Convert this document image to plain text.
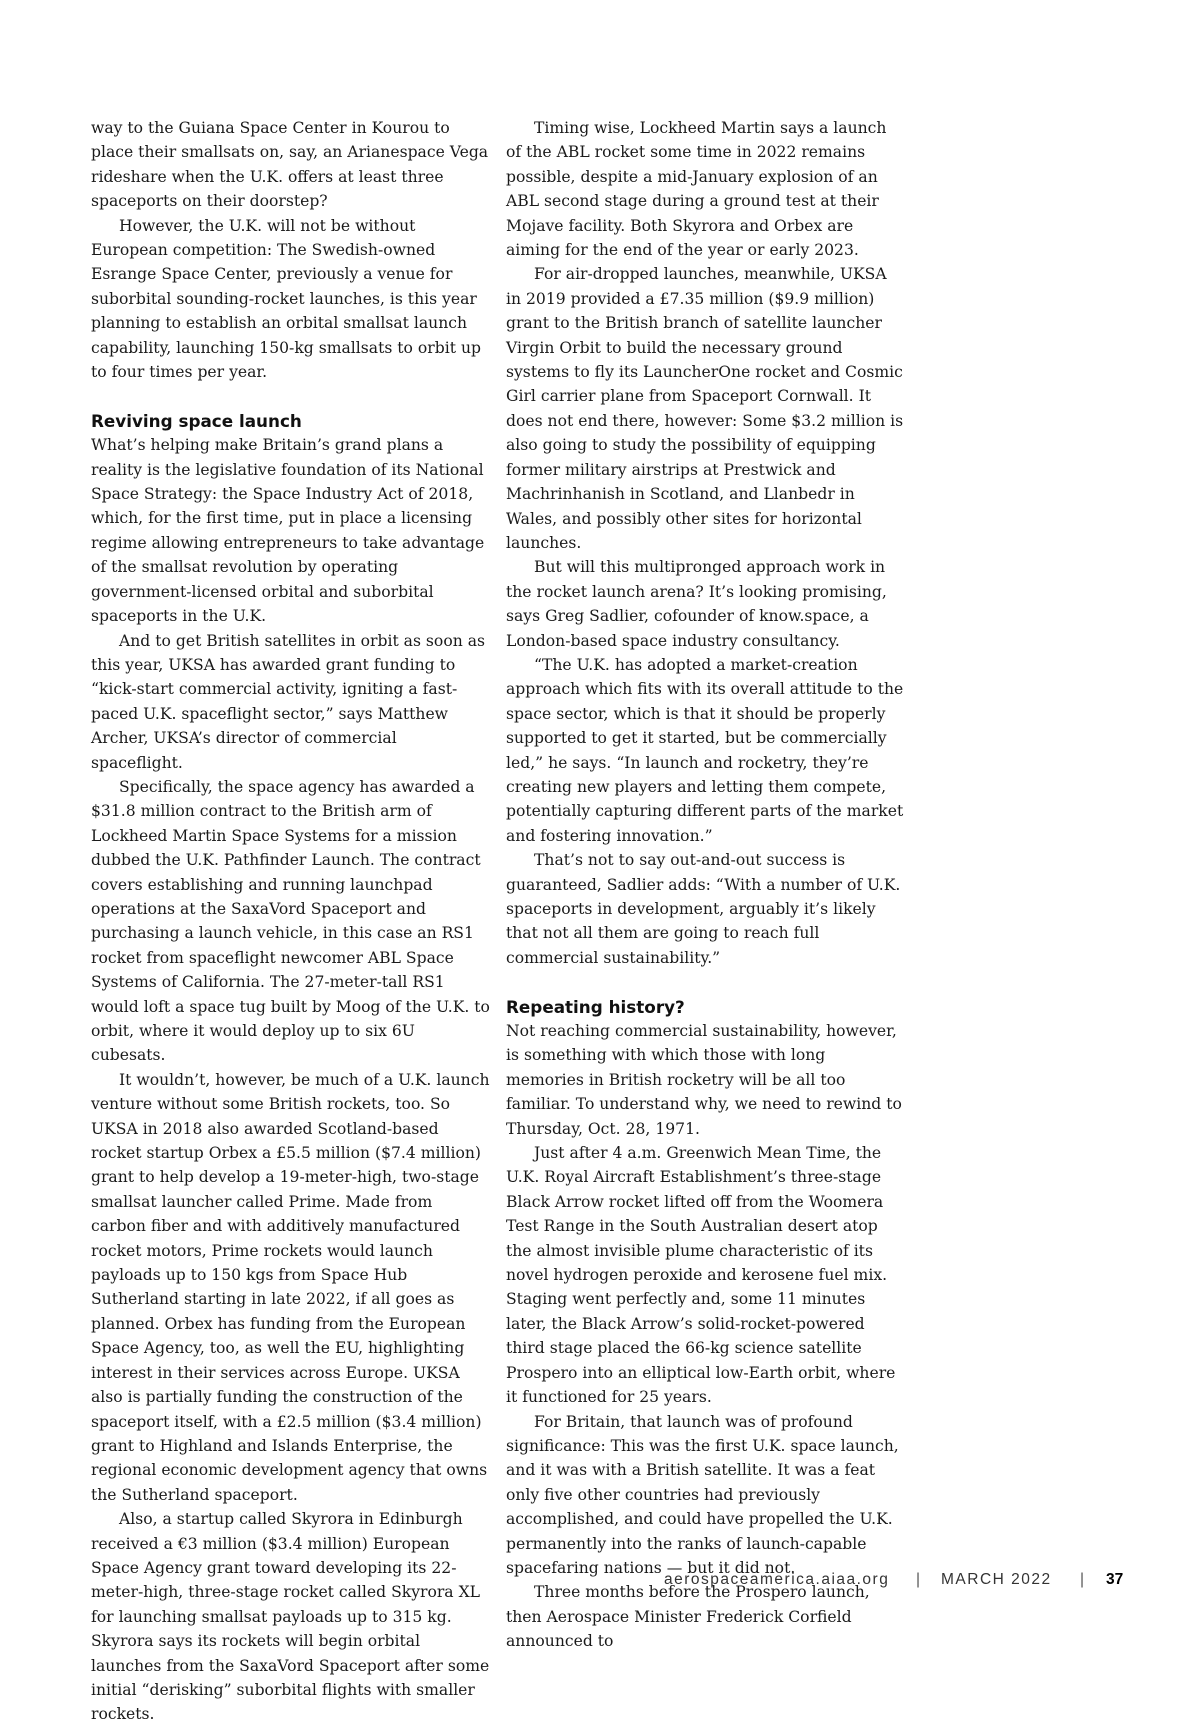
way to the Guiana Space Center in Kourou to place their smallsats on, say, an Arianespace Vega rideshare when the U.K. offers at least three spaceports on their doorstep?

However, the U.K. will not be without European competition: The Swedish-owned Esrange Space Center, previously a venue for suborbital sounding-rocket launches, is this year planning to establish an orbital smallsat launch capability, launching 150-kg smallsats to orbit up to four times per year.

Reviving space launch

What’s helping make Britain’s grand plans a reality is the legislative foundation of its National Space Strategy: the Space Industry Act of 2018, which, for the first time, put in place a licensing regime allowing entrepreneurs to take advantage of the smallsat revolution by operating government-licensed orbital and suborbital spaceports in the U.K.

And to get British satellites in orbit as soon as this year, UKSA has awarded grant funding to “kick-start commercial activity, igniting a fast-paced U.K. spaceflight sector,” says Matthew Archer, UKSA’s director of commercial spaceflight.

Specifically, the space agency has awarded a $31.8 million contract to the British arm of Lockheed Martin Space Systems for a mission dubbed the U.K. Pathfinder Launch. The contract covers establishing and running launchpad operations at the SaxaVord Spaceport and purchasing a launch vehicle, in this case an RS1 rocket from spaceflight newcomer ABL Space Systems of California. The 27-meter-tall RS1 would loft a space tug built by Moog of the U.K. to orbit, where it would deploy up to six 6U cubesats.

It wouldn’t, however, be much of a U.K. launch venture without some British rockets, too. So UKSA in 2018 also awarded Scotland-based rocket startup Orbex a £5.5 million ($7.4 million) grant to help develop a 19-meter-high, two-stage smallsat launcher called Prime. Made from carbon fiber and with additively manufactured rocket motors, Prime rockets would launch payloads up to 150 kgs from Space Hub Sutherland starting in late 2022, if all goes as planned. Orbex has funding from the European Space Agency, too, as well the EU, highlighting interest in their services across Europe. UKSA also is partially funding the construction of the spaceport itself, with a £2.5 million ($3.4 million) grant to Highland and Islands Enterprise, the regional economic development agency that owns the Sutherland spaceport.

Also, a startup called Skyrora in Edinburgh received a €3 million ($3.4 million) European Space Agency grant toward developing its 22-meter-high, three-stage rocket called Skyrora XL for launching smallsat payloads up to 315 kg. Skyrora says its rockets will begin orbital launches from the SaxaVord Spaceport after some initial “derisking” suborbital flights with smaller rockets.

Timing wise, Lockheed Martin says a launch of the ABL rocket some time in 2022 remains possible, despite a mid-January explosion of an ABL second stage during a ground test at their Mojave facility. Both Skyrora and Orbex are aiming for the end of the year or early 2023.

For air-dropped launches, meanwhile, UKSA in 2019 provided a £7.35 million ($9.9 million) grant to the British branch of satellite launcher Virgin Orbit to build the necessary ground systems to fly its LauncherOne rocket and Cosmic Girl carrier plane from Spaceport Cornwall. It does not end there, however: Some $3.2 million is also going to study the possibility of equipping former military airstrips at Prestwick and Machrinhanish in Scotland, and Llanbedr in Wales, and possibly other sites for horizontal launches.

But will this multipronged approach work in the rocket launch arena? It’s looking promising, says Greg Sadlier, cofounder of know.space, a London-based space industry consultancy.

“The U.K. has adopted a market-creation approach which fits with its overall attitude to the space sector, which is that it should be properly supported to get it started, but be commercially led,” he says. “In launch and rocketry, they’re creating new players and letting them compete, potentially capturing different parts of the market and fostering innovation.”

That’s not to say out-and-out success is guaranteed, Sadlier adds: “With a number of U.K. spaceports in development, arguably it’s likely that not all them are going to reach full commercial sustainability.”

Repeating history?

Not reaching commercial sustainability, however, is something with which those with long memories in British rocketry will be all too familiar. To understand why, we need to rewind to Thursday, Oct. 28, 1971.

Just after 4 a.m. Greenwich Mean Time, the U.K. Royal Aircraft Establishment’s three-stage Black Arrow rocket lifted off from the Woomera Test Range in the South Australian desert atop the almost invisible plume characteristic of its novel hydrogen peroxide and kerosene fuel mix. Staging went perfectly and, some 11 minutes later, the Black Arrow’s solid-rocket-powered third stage placed the 66-kg science satellite Prospero into an elliptical low-Earth orbit, where it functioned for 25 years.

For Britain, that launch was of profound significance: This was the first U.K. space launch, and it was with a British satellite. It was a feat only five other countries had previously accomplished, and could have propelled the U.K. permanently into the ranks of launch-capable spacefaring nations — but it did not.

Three months before the Prospero launch, then Aerospace Minister Frederick Corfield announced to

aerospaceamerica.aiaa.org | MARCH 2022 | 37
